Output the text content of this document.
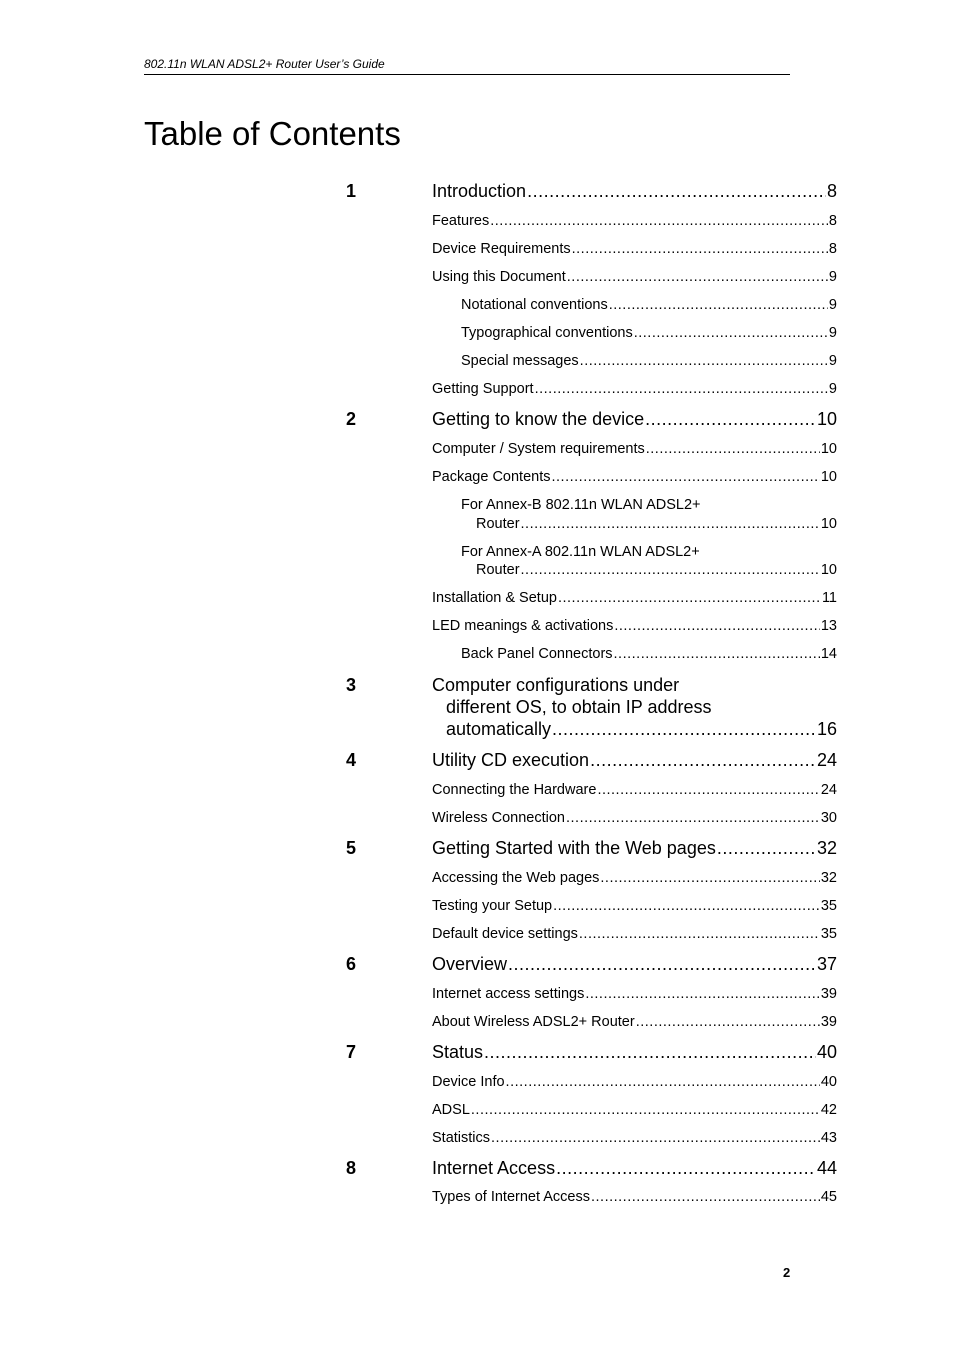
802.11n WLAN ADSL2+ Router User’s Guide
Table of Contents
1	Introduction .....	8
Features .....	8
Device Requirements .....	8
Using this Document .....	9
Notational conventions .....	9
Typographical conventions .....	9
Special messages .....	9
Getting Support .....	9
2	Getting to know the device .....	10
Computer / System requirements .....	10
Package Contents .....	10
For Annex-B 802.11n WLAN ADSL2+
Router .....	10
For Annex-A 802.11n WLAN ADSL2+
Router .....	10
Installation & Setup .....	11
LED meanings & activations .....	13
Back Panel Connectors .....	14
3	Computer configurations under
different OS, to obtain IP address
automatically .....	16
4	Utility CD execution .....	24
Connecting the Hardware .....	24
Wireless Connection .....	30
5	Getting Started with the Web pages .....	32
Accessing the Web pages .....	32
Testing your Setup .....	35
Default device settings .....	35
6	Overview .....	37
Internet access settings .....	39
About Wireless ADSL2+ Router .....	39
7	Status .....	40
Device Info .....	40
ADSL .....	42
Statistics .....	43
8	Internet Access .....	44
Types of Internet Access .....	45
2
